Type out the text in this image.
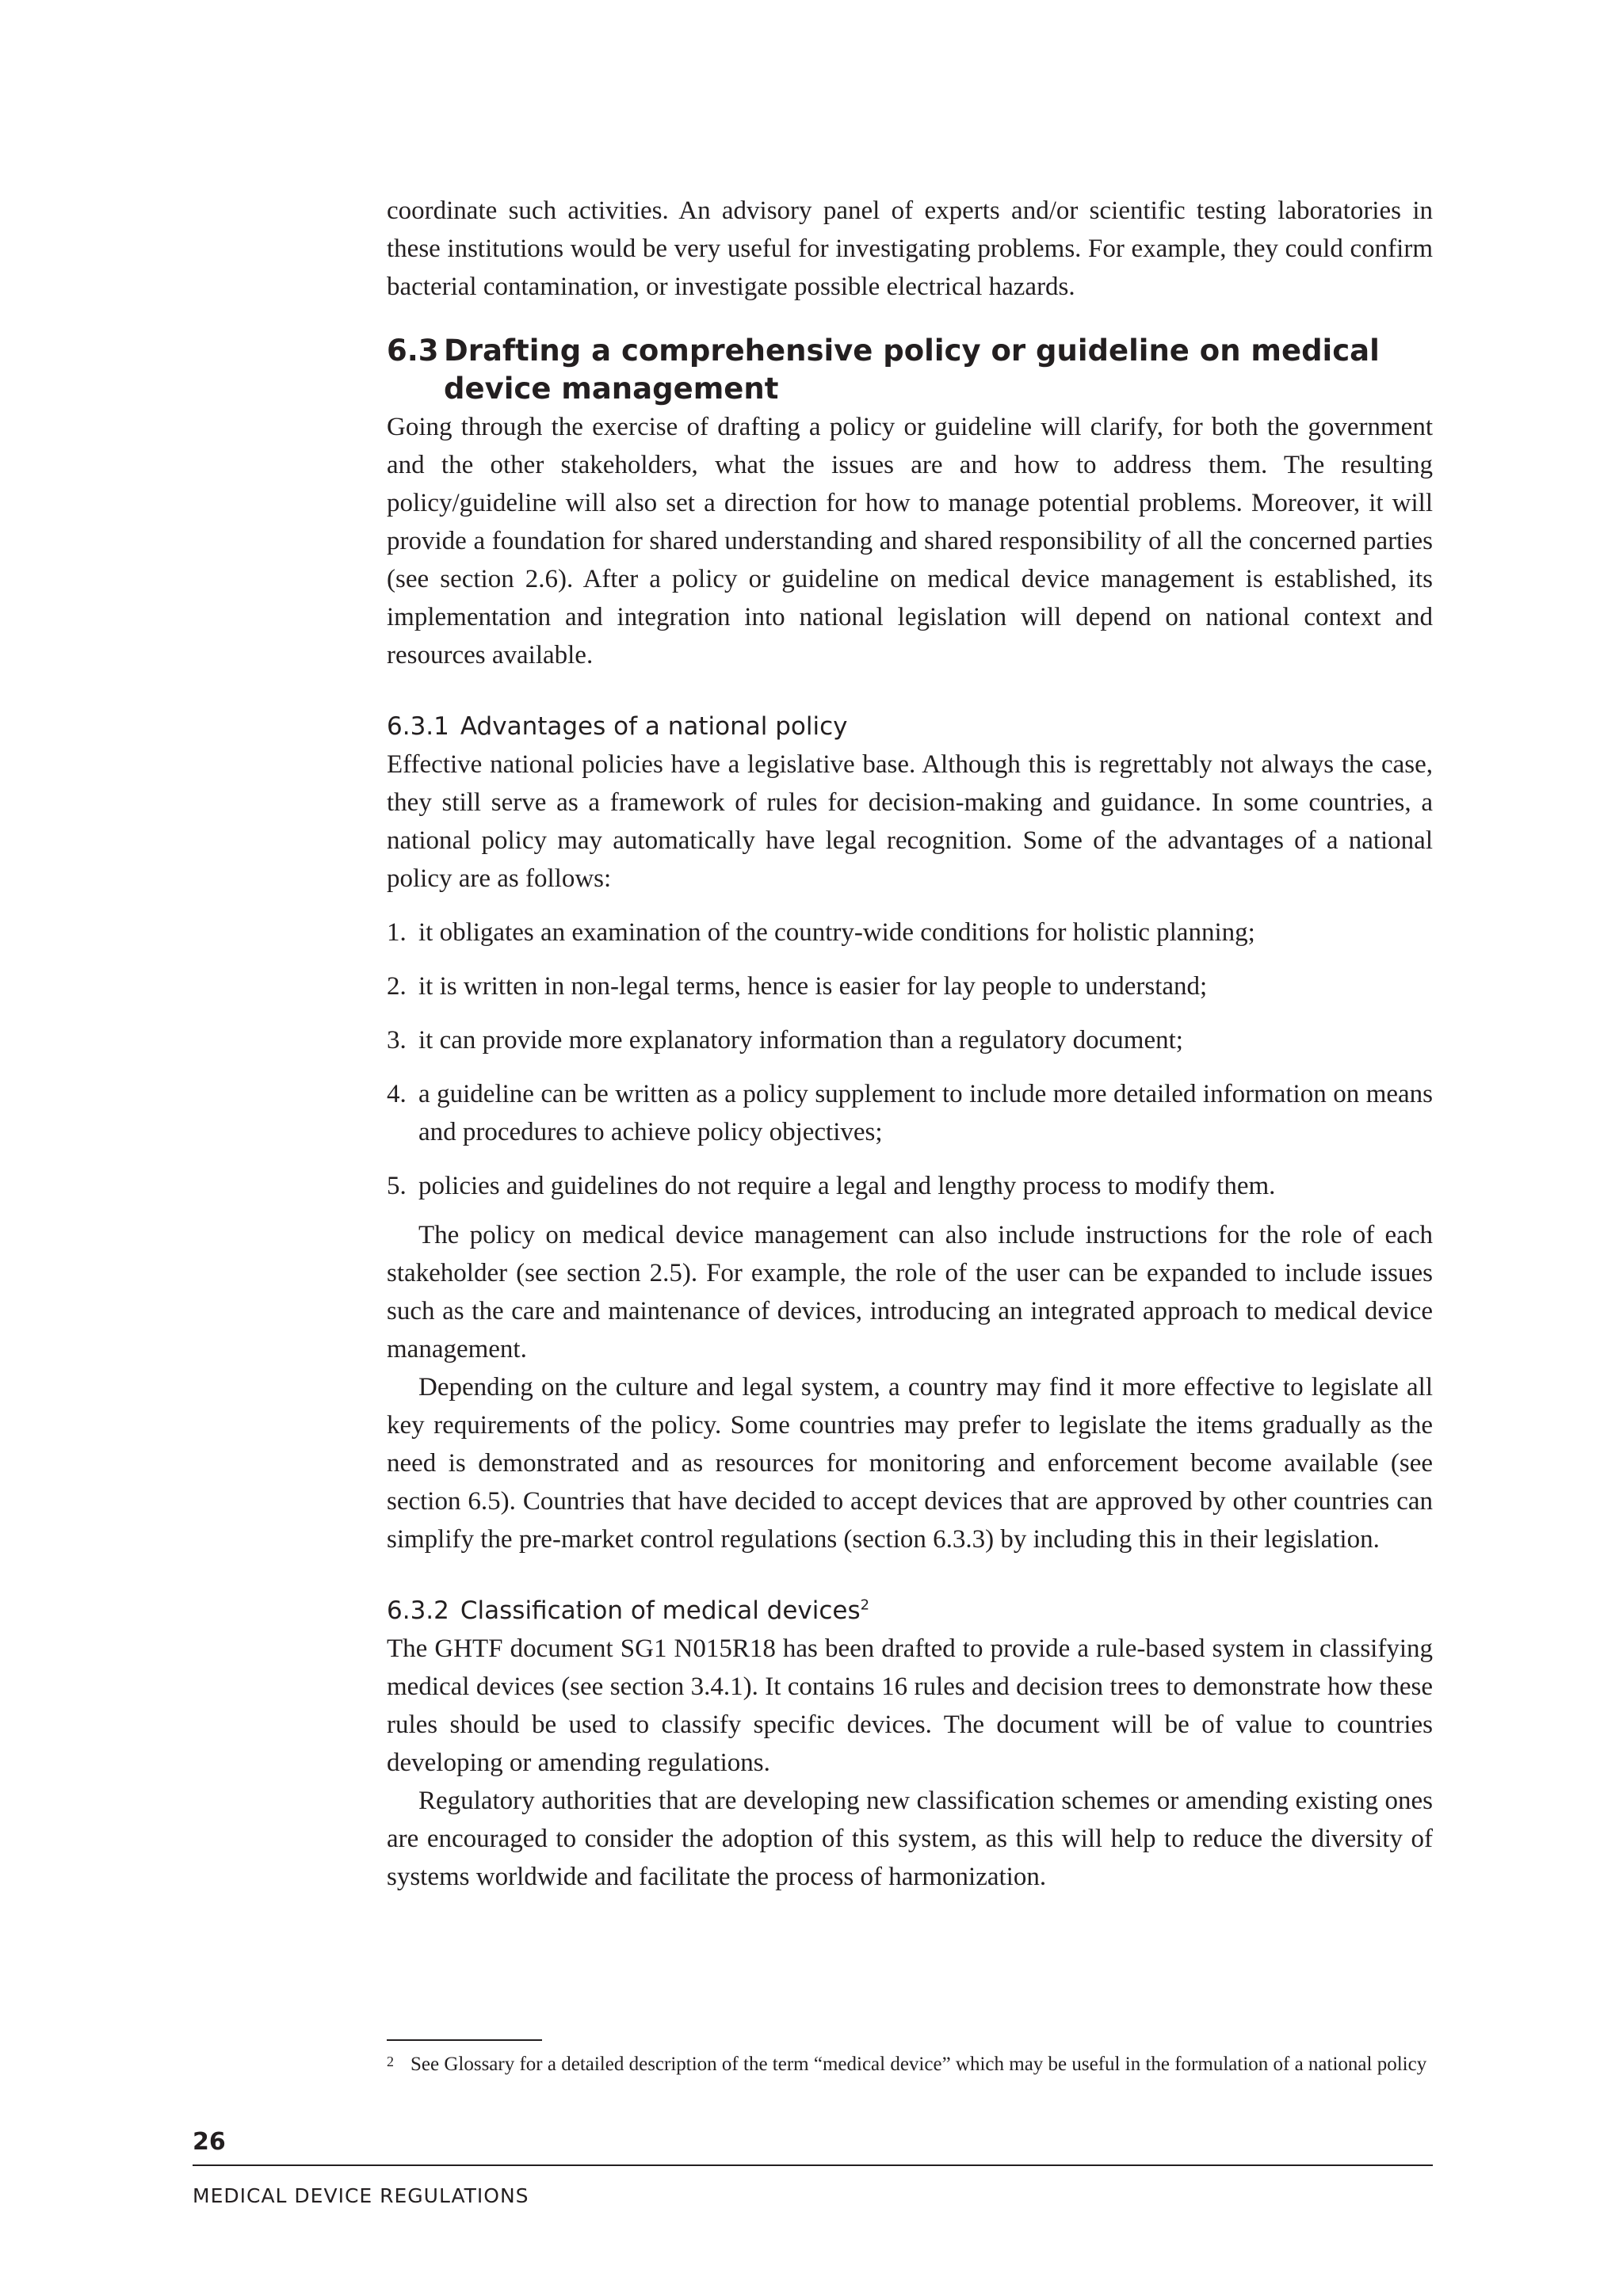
coordinate such activities. An advisory panel of experts and/or scientific testing laboratories in these institutions would be very useful for investigating problems. For example, they could confirm bacterial contamination, or investigate possible electrical hazards.

6.3 Drafting a comprehensive policy or guideline on medical device management

Going through the exercise of drafting a policy or guideline will clarify, for both the government and the other stakeholders, what the issues are and how to address them. The resulting policy/guideline will also set a direction for how to manage potential problems. Moreover, it will provide a foundation for shared understanding and shared responsibility of all the concerned parties (see section 2.6). After a policy or guideline on medical device management is established, its implementation and integration into national legislation will depend on national context and resources available.

6.3.1 Advantages of a national policy

Effective national policies have a legislative base. Although this is regrettably not always the case, they still serve as a framework of rules for decision-making and guidance. In some countries, a national policy may automatically have legal recognition. Some of the advantages of a national policy are as follows:

1. it obligates an examination of the country-wide conditions for holistic planning;
2. it is written in non-legal terms, hence is easier for lay people to understand;
3. it can provide more explanatory information than a regulatory document;
4. a guideline can be written as a policy supplement to include more detailed information on means and procedures to achieve policy objectives;
5. policies and guidelines do not require a legal and lengthy process to modify them.

The policy on medical device management can also include instructions for the role of each stakeholder (see section 2.5). For example, the role of the user can be expanded to include issues such as the care and maintenance of devices, introducing an integrated approach to medical device management.

Depending on the culture and legal system, a country may find it more effective to legislate all key requirements of the policy. Some countries may prefer to legislate the items gradually as the need is demonstrated and as resources for monitoring and enforcement become available (see section 6.5). Countries that have decided to accept devices that are approved by other countries can simplify the pre-market control regulations (section 6.3.3) by including this in their legislation.

6.3.2 Classification of medical devices$^2$

The GHTF document SG1 N015R18 has been drafted to provide a rule-based system in classifying medical devices (see section 3.4.1). It contains 16 rules and decision trees to demonstrate how these rules should be used to classify specific devices. The document will be of value to countries developing or amending regulations.

Regulatory authorities that are developing new classification schemes or amending existing ones are encouraged to consider the adoption of this system, as this will help to reduce the diversity of systems worldwide and facilitate the process of harmonization.

2 See Glossary for a detailed description of the term “medical device” which may be useful in the formulation of a national policy
26
MEDICAL DEVICE REGULATIONS
